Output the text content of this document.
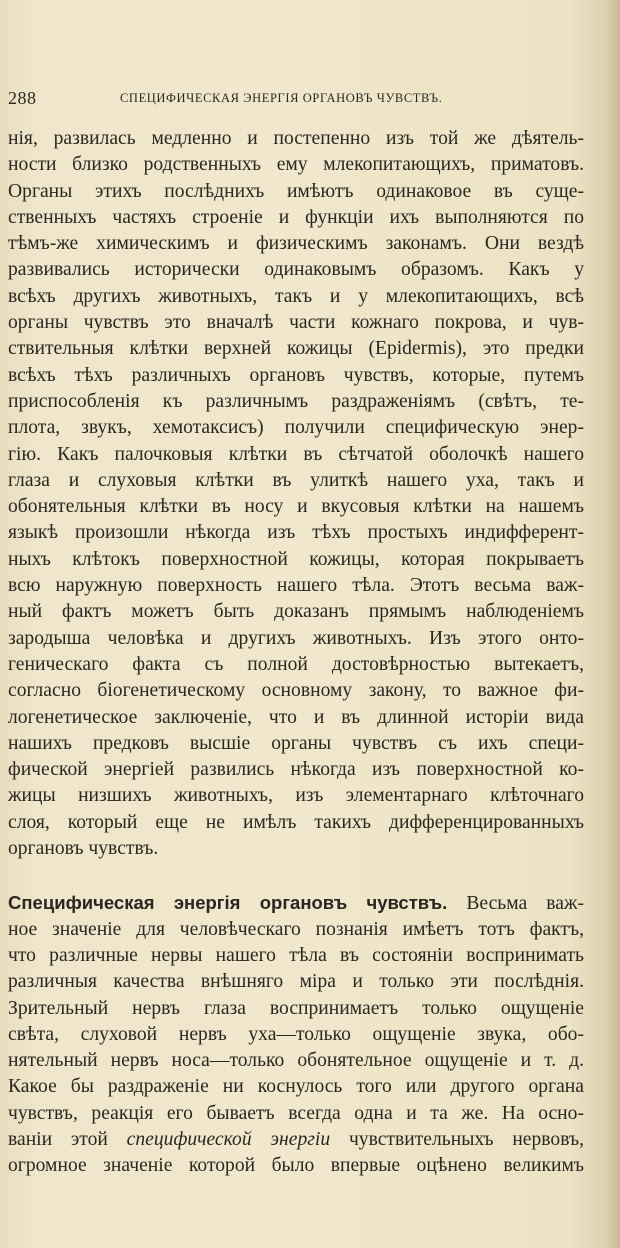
288	СПЕЦИФИЧЕСКАЯ ЭНЕРГІЯ ОРГАНОВЪ ЧУВСТВЪ.
нія, развилась медленно и постепенно изъ той же дѣятель-
ности близко родственныхъ ему млекопитающихъ, приматовъ.
Органы этихъ послѣднихъ имѣютъ одинаковое въ суще-
ственныхъ частяхъ строеніе и функціи ихъ выполняются по
тѣмъ-же химическимъ и физическимъ законамъ. Они вездѣ
развивались исторически одинаковымъ образомъ. Какъ у
всѣхъ другихъ животныхъ, такъ и у млекопитающихъ, всѣ
органы чувствъ это вначалѣ части кожнаго покрова, и чув-
ствительныя клѣтки верхней кожицы (Epidermis), это предки
всѣхъ тѣхъ различныхъ органовъ чувствъ, которые, путемъ
приспособленія къ различнымъ раздраженіямъ (свѣтъ, те-
плота, звукъ, хемотаксисъ) получили специфическую энер-
гію. Какъ палочковыя клѣтки въ сѣтчатой оболочкѣ нашего
глаза и слуховыя клѣтки въ улиткѣ нашего уха, такъ и
обонятельныя клѣтки въ носу и вкусовыя клѣтки на нашемъ
языкѣ произошли нѣкогда изъ тѣхъ простыхъ индифферент-
ныхъ клѣтокъ поверхностной кожицы, которая покрываетъ
всю наружную поверхность нашего тѣла. Этотъ весьма важ-
ный фактъ можетъ быть доказанъ прямымъ наблюденіемъ
зародыша человѣка и другихъ животныхъ. Изъ этого онто-
геническаго факта съ полной достовѣрностью вытекаетъ,
согласно біогенетическому основному закону, то важное фи-
логенетическое заключеніе, что и въ длинной исторіи вида
нашихъ предковъ высшіе органы чувствъ съ ихъ специ-
фической энергіей развились нѣкогда изъ поверхностной ко-
жицы низшихъ животныхъ, изъ элементарнаго клѣточнаго
слоя, который еще не имѣлъ такихъ дифференцированныхъ
органовъ чувствъ.
Специфическая энергія органовъ чувствъ. Весьма важ-
ное значеніе для человѣческаго познанія имѣетъ тотъ фактъ,
что различные нервы нашего тѣла въ состояніи воспринимать
различныя качества внѣшняго міра и только эти послѣднія.
Зрительный нервъ глаза воспринимаетъ только ощущеніе
свѣта, слуховой нервъ уха—только ощущеніе звука, обо-
нятельный нервъ носа—только обонятельное ощущеніе и т. д.
Какое бы раздраженіе ни коснулось того или другого органа
чувствъ, реакція его бываетъ всегда одна и та же. На осно-
ваніи этой специфической энергіи чувствительныхъ нервовъ,
огромное значеніе которой было впервые оцѣнено великимъ
